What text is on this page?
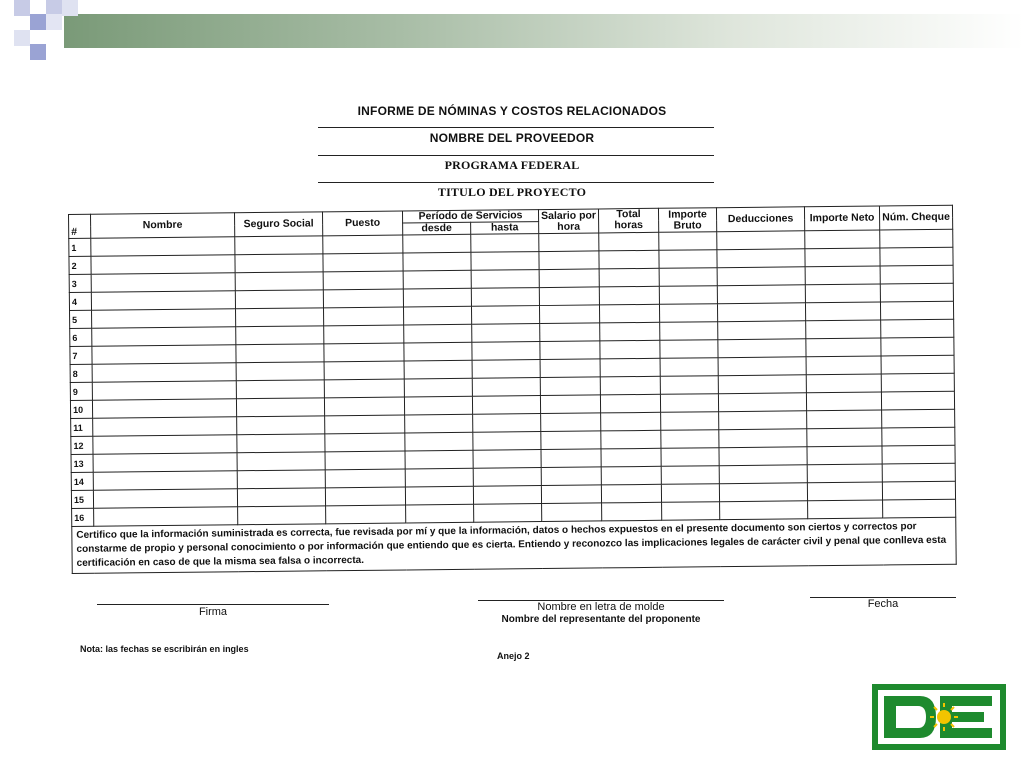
INFORME DE NÓMINAS Y COSTOS RELACIONADOS
NOMBRE DEL PROVEEDOR
PROGRAMA FEDERAL
TITULO DEL PROYECTO
#	Nombre	Seguro Social	Puesto	Período de Servicios		Salario por hora	Total horas	Importe Bruto	Deducciones	Importe Neto	Núm. Cheque
				desde	hasta						
1											
2											
3											
4											
5											
6											
7											
8											
9											
10											
11											
12											
13											
14											
15											
16											
Certifico que la información suministrada es correcta, fue revisada por mí y que la información, datos o hechos expuestos en el presente documento son ciertos y correctos por constarme de propio y personal conocimiento o por información que entiendo que es cierta. Entiendo y reconozco las implicaciones legales de carácter civil y penal que conlleva esta certificación en caso de que la misma sea falsa o incorrecta.											
Firma	Nombre en letra de molde
Nombre del representante del proponente
Fecha
Nota: las fechas se escribirán en ingles
Anejo 2
